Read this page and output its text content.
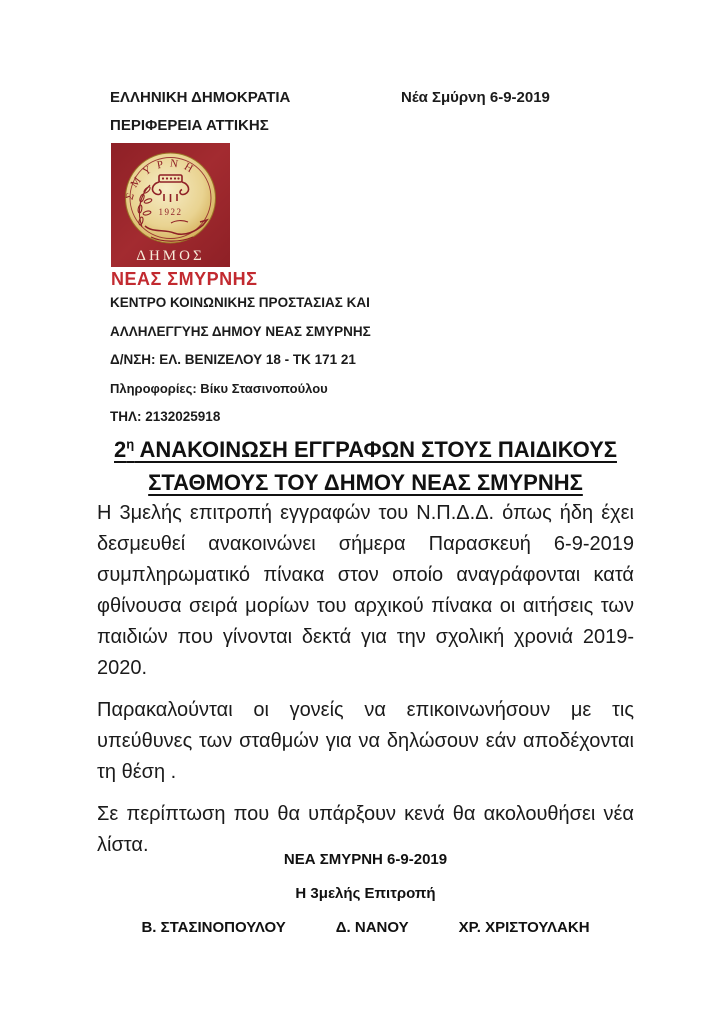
ΕΛΛΗΝΙΚΗ ΔΗΜΟΚΡΑΤΙΑ	Νέα Σμύρνη 6-9-2019
ΠΕΡΙΦΕΡΕΙΑ ΑΤΤΙΚΗΣ
ΣΜΥΡΝΗ
1922
ΔΗΜΟΣ
ΝΕΑΣ ΣΜΥΡΝΗΣ
ΚΕΝΤΡΟ ΚΟΙΝΩΝΙΚΗΣ ΠΡΟΣΤΑΣΙΑΣ ΚΑΙ
ΑΛΛΗΛΕΓΓΥΗΣ ΔΗΜΟΥ ΝΕΑΣ ΣΜΥΡΝΗΣ
Δ/ΝΣΗ: ΕΛ. ΒΕΝΙΖΕΛΟΥ 18 - ΤΚ 171 21
Πληροφορίες: Βίκυ Στασινοπούλου
ΤΗΛ: 2132025918
$2^\eta$ ΑΝΑΚΟΙΝΩΣΗ ΕΓΓΡΑΦΩΝ ΣΤΟΥΣ ΠΑΙΔΙΚΟΥΣ
ΣΤΑΘΜΟΥΣ ΤΟΥ ΔΗΜΟΥ ΝΕΑΣ ΣΜΥΡΝΗΣ

Η 3μελής επιτροπή εγγραφών του Ν.Π.Δ.Δ. όπως ήδη έχει δεσμευθεί ανακοινώνει σήμερα Παρασκευή 6-9-2019 συμπληρωματικό πίνακα στον οποίο αναγράφονται κατά φθίνουσα σειρά μορίων του αρχικού πίνακα οι αιτήσεις των παιδιών που γίνονται δεκτά για την σχολική χρονιά 2019-2020.

Παρακαλούνται οι γονείς να επικοινωνήσουν με τις υπεύθυνες των σταθμών για να δηλώσουν εάν αποδέχονται τη θέση .

Σε περίπτωση που θα υπάρξουν κενά θα ακολουθήσει νέα λίστα.

ΝΕΑ ΣΜΥΡΝΗ 6-9-2019
Η 3μελής Επιτροπή
Β. ΣΤΑΣΙΝΟΠΟΥΛΟΥ	Δ. ΝΑΝΟΥ	ΧΡ. ΧΡΙΣΤΟΥΛΑΚΗ
